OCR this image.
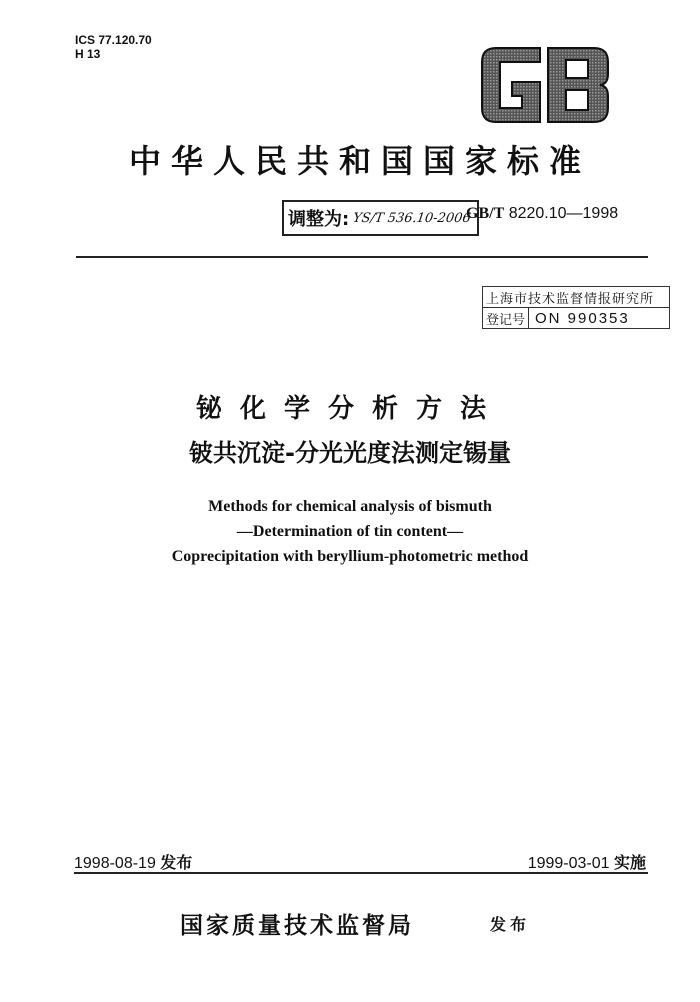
ICS 77.120.70
H 13
中华人民共和国国家标准
调整为: YS/T 536.10-2006
GB/T 8220.10—1998
上海市技术监督情报研究所
登记号 ON 990353
铋化学分析方法
铍共沉淀-分光光度法测定锡量
Methods for chemical analysis of bismuth
—Determination of tin content—
Coprecipitation with beryllium-photometric method
1998-08-19 发布	1999-03-01 实施
国家质量技术监督局	发布
